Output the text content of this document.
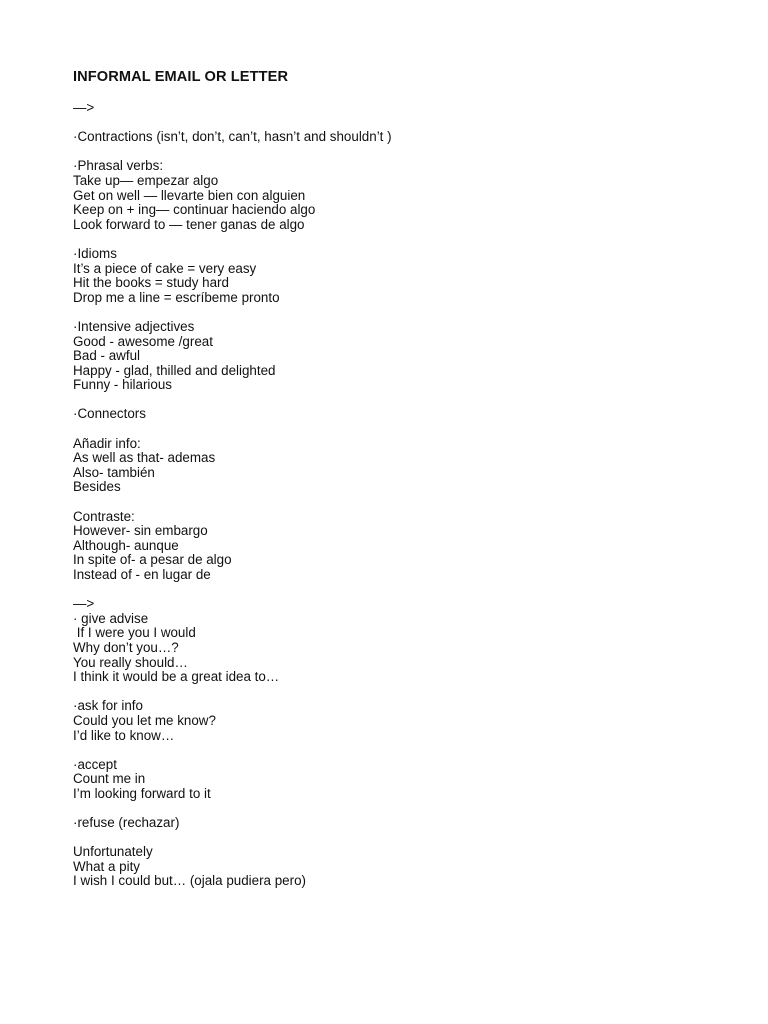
INFORMAL EMAIL OR LETTER
—>
·Contractions (isn’t, don’t, can’t, hasn’t and shouldn’t )
·Phrasal verbs:
Take up— empezar algo
Get on well — llevarte bien con alguien
Keep on + ing— continuar haciendo algo
Look forward to — tener ganas de algo
·Idioms
It’s a piece of cake = very easy
Hit the books = study hard
Drop me a line = escríbeme pronto
·Intensive adjectives
Good - awesome /great
Bad - awful
Happy - glad, thilled and delighted
Funny - hilarious
·Connectors
Añadir info:
As well as that- ademas
Also- también
Besides
Contraste:
However- sin embargo
Although- aunque
In spite of- a pesar de algo
Instead of - en lugar de
—>
· give advise
If I were you I would
Why don’t you…?
You really should…
I think it would be a great idea to…
·ask for info
Could you let me know?
I’d like to know…
·accept
Count me in
I’m looking forward to it
·refuse (rechazar)
Unfortunately
What a pity
I wish I could but… (ojala pudiera pero)
